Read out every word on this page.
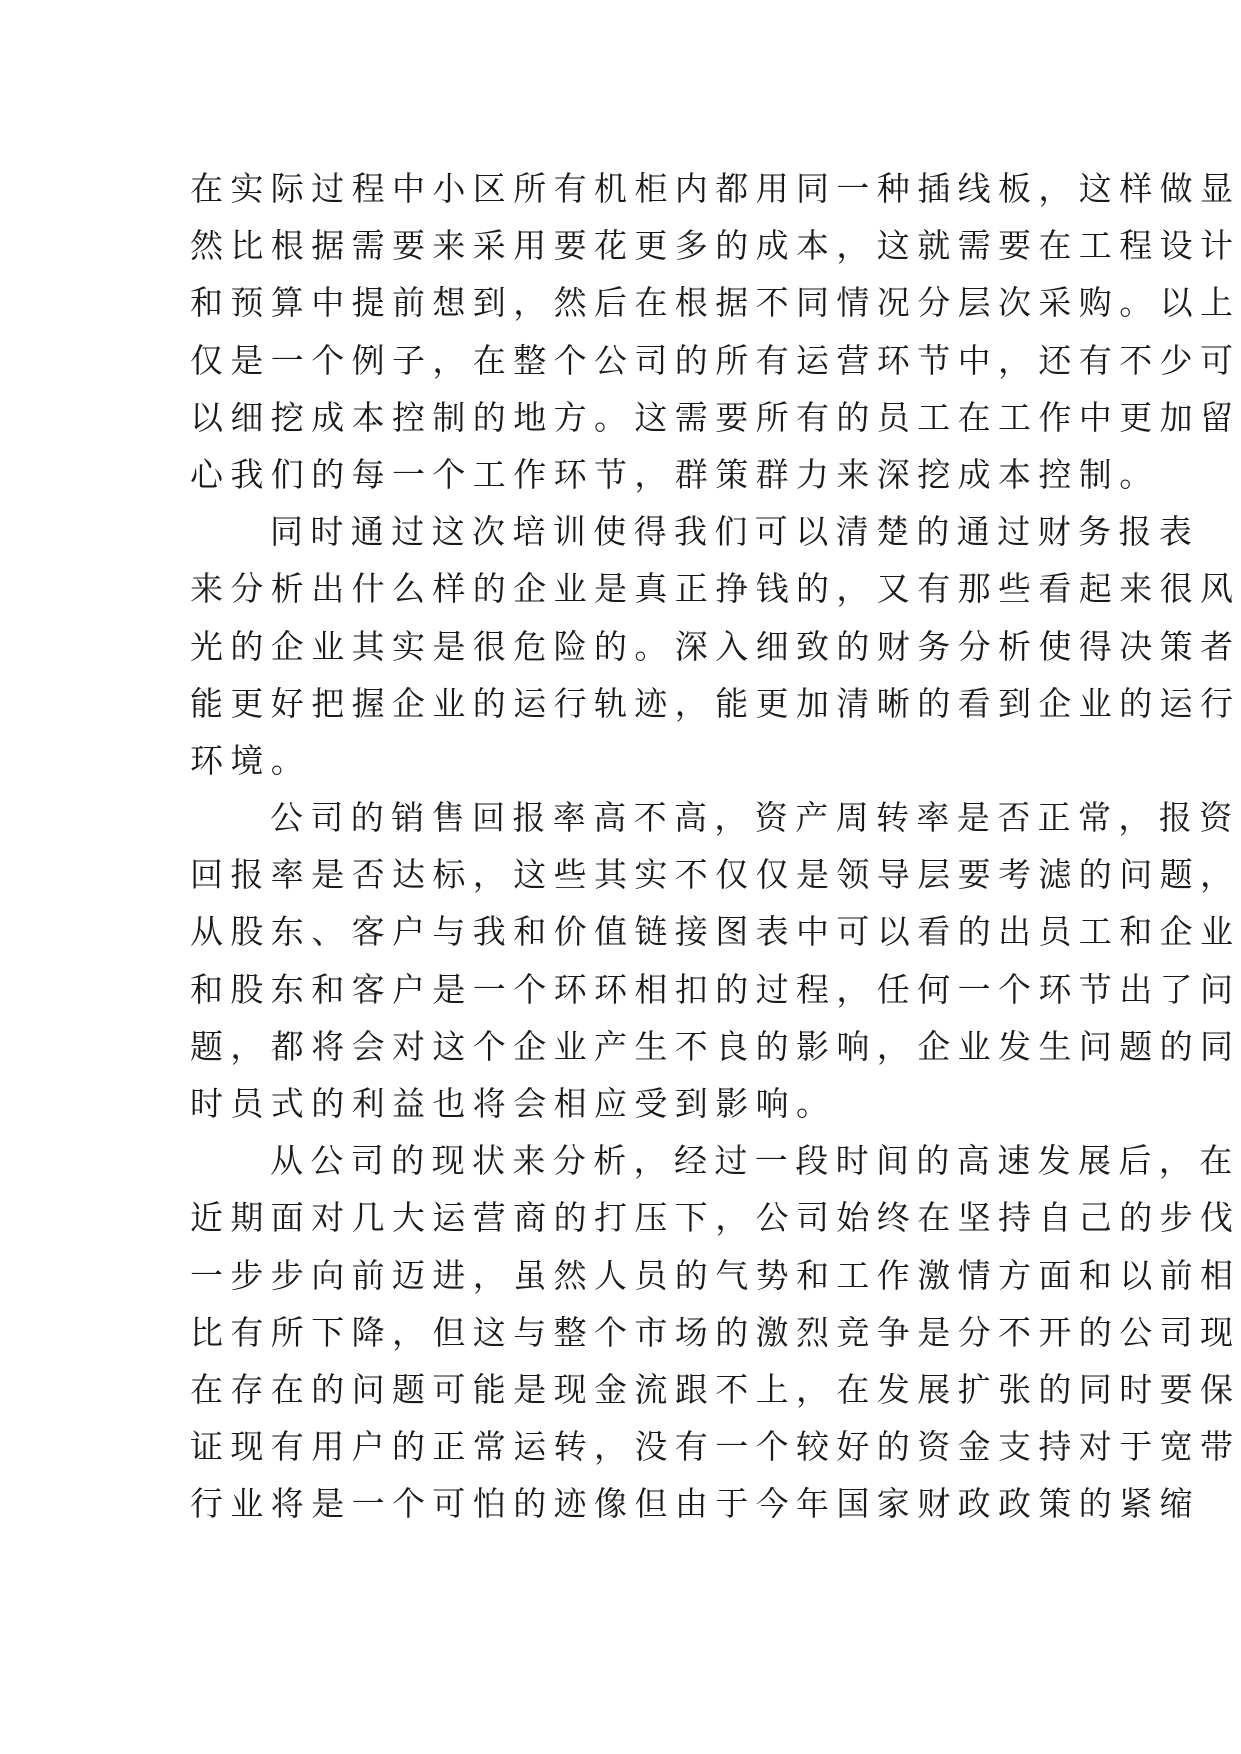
在实际过程中小区所有机柜内都用同一种插线板，这样做显
然比根据需要来采用要花更多的成本，这就需要在工程设计
和预算中提前想到，然后在根据不同情况分层次采购。以上
仅是一个例子，在整个公司的所有运营环节中，还有不少可
以细挖成本控制的地方。这需要所有的员工在工作中更加留
心我们的每一个工作环节，群策群力来深挖成本控制。
同时通过这次培训使得我们可以清楚的通过财务报表
来分析出什么样的企业是真正挣钱的，又有那些看起来很风
光的企业其实是很危险的。深入细致的财务分析使得决策者
能更好把握企业的运行轨迹，能更加清晰的看到企业的运行
环境。
公司的销售回报率高不高，资产周转率是否正常，报资
回报率是否达标，这些其实不仅仅是领导层要考滤的问题，
从股东、客户与我和价值链接图表中可以看的出员工和企业
和股东和客户是一个环环相扣的过程，任何一个环节出了问
题，都将会对这个企业产生不良的影响，企业发生问题的同
时员式的利益也将会相应受到影响。
从公司的现状来分析，经过一段时间的高速发展后，在
近期面对几大运营商的打压下，公司始终在坚持自己的步伐
一步步向前迈进，虽然人员的气势和工作激情方面和以前相
比有所下降，但这与整个市场的激烈竞争是分不开的公司现
在存在的问题可能是现金流跟不上，在发展扩张的同时要保
证现有用户的正常运转，没有一个较好的资金支持对于宽带
行业将是一个可怕的迹像但由于今年国家财政政策的紧缩
